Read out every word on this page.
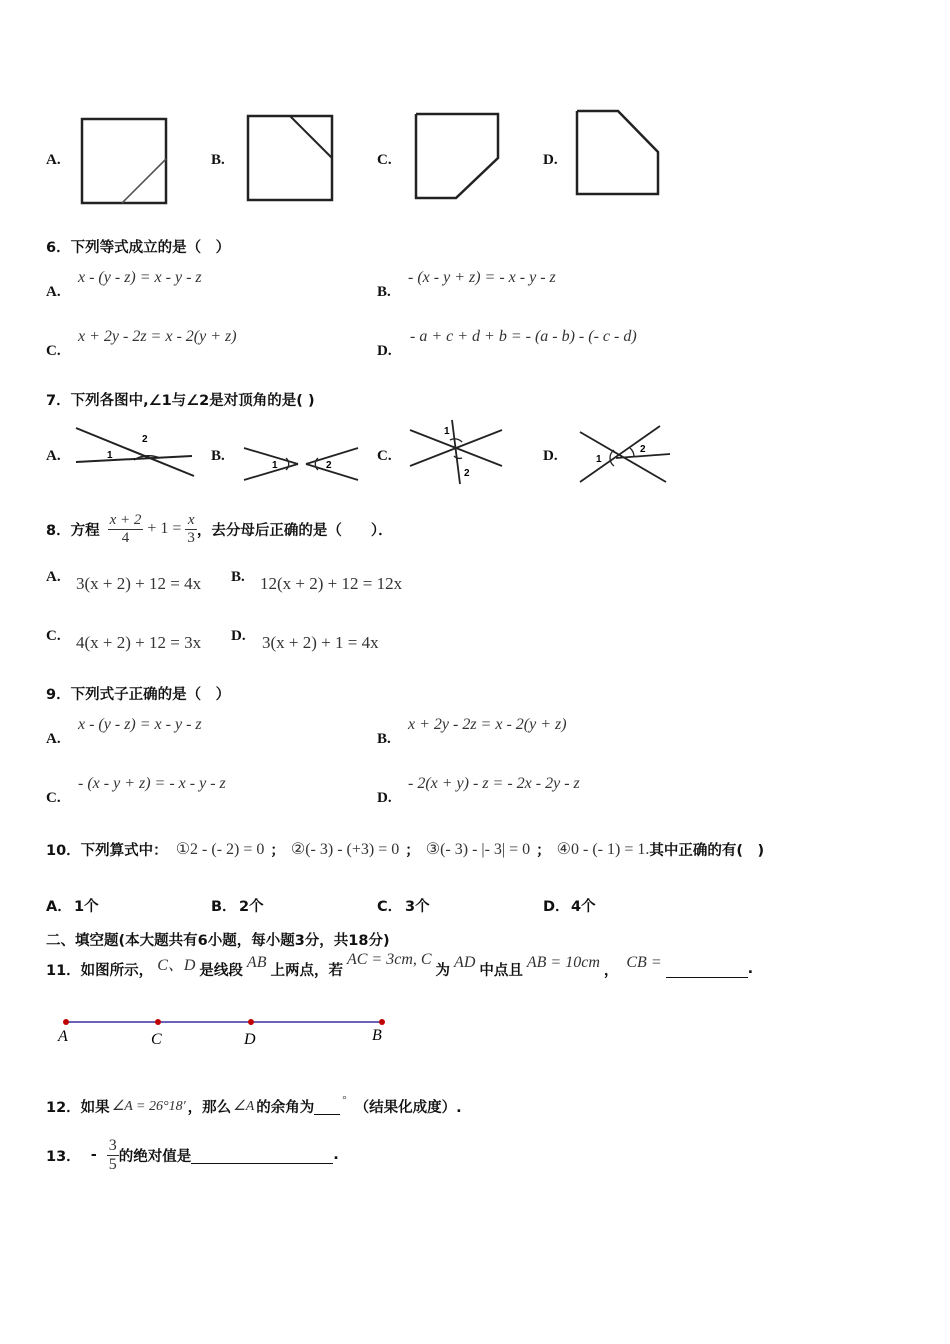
A.	B.	C.	D.
6．下列等式成立的是（　）
A.
x - (y - z) = x - y - z
B.
- (x - y + z) = - x - y - z
C.
x + 2y - 2z = x - 2(y + z)
D.
- a + c + d + b = - (a - b) - (- c - d)
7．下列各图中,∠1与∠2是对顶角的是( )
A.	1
2
B.
1	2
C.
1
2
D.	1
2
8．方程 $\frac{x + 2}{4} + 1 = \frac{x}{3}$ ，去分母后正确的是（　　）．
A. 3(x + 2) + 12 = 4x B. 12(x + 2) + 12 = 12x
C. 4(x + 2) + 12 = 3x D. 3(x + 2) + 1 = 4x
9．下列式子正确的是（　）
A.
x - (y - z) = x - y - z
B.
x + 2y - 2z = x - 2(y + z)
C.
- (x - y + z) = - x - y - z
D.
- 2(x + y) - z = - 2x - 2y - z
10．下列算式中： ①2 - (- 2) = 0 ； ②(- 3) - (+3) = 0 ； ③(- 3) - |- 3| = 0 ； ④0 - (- 1) = 1. 其中正确的有(　)
A． 1个	B． 2个	C． 3个	D． 4个
二、填空题(本大题共有6小题，每小题3分，共18分)
11．如图所示， C、D 是线段 AB 上两点，若
AC = 3cm, C
为 AD 中点且 AB = 10cm ， CB =	.
A	C	D	B
12．如果 ∠A = 26°18′ ，那么 ∠A 的余角为	° （结果化成度）.
13． - $\frac{3}{5}$ 的绝对值是	.
